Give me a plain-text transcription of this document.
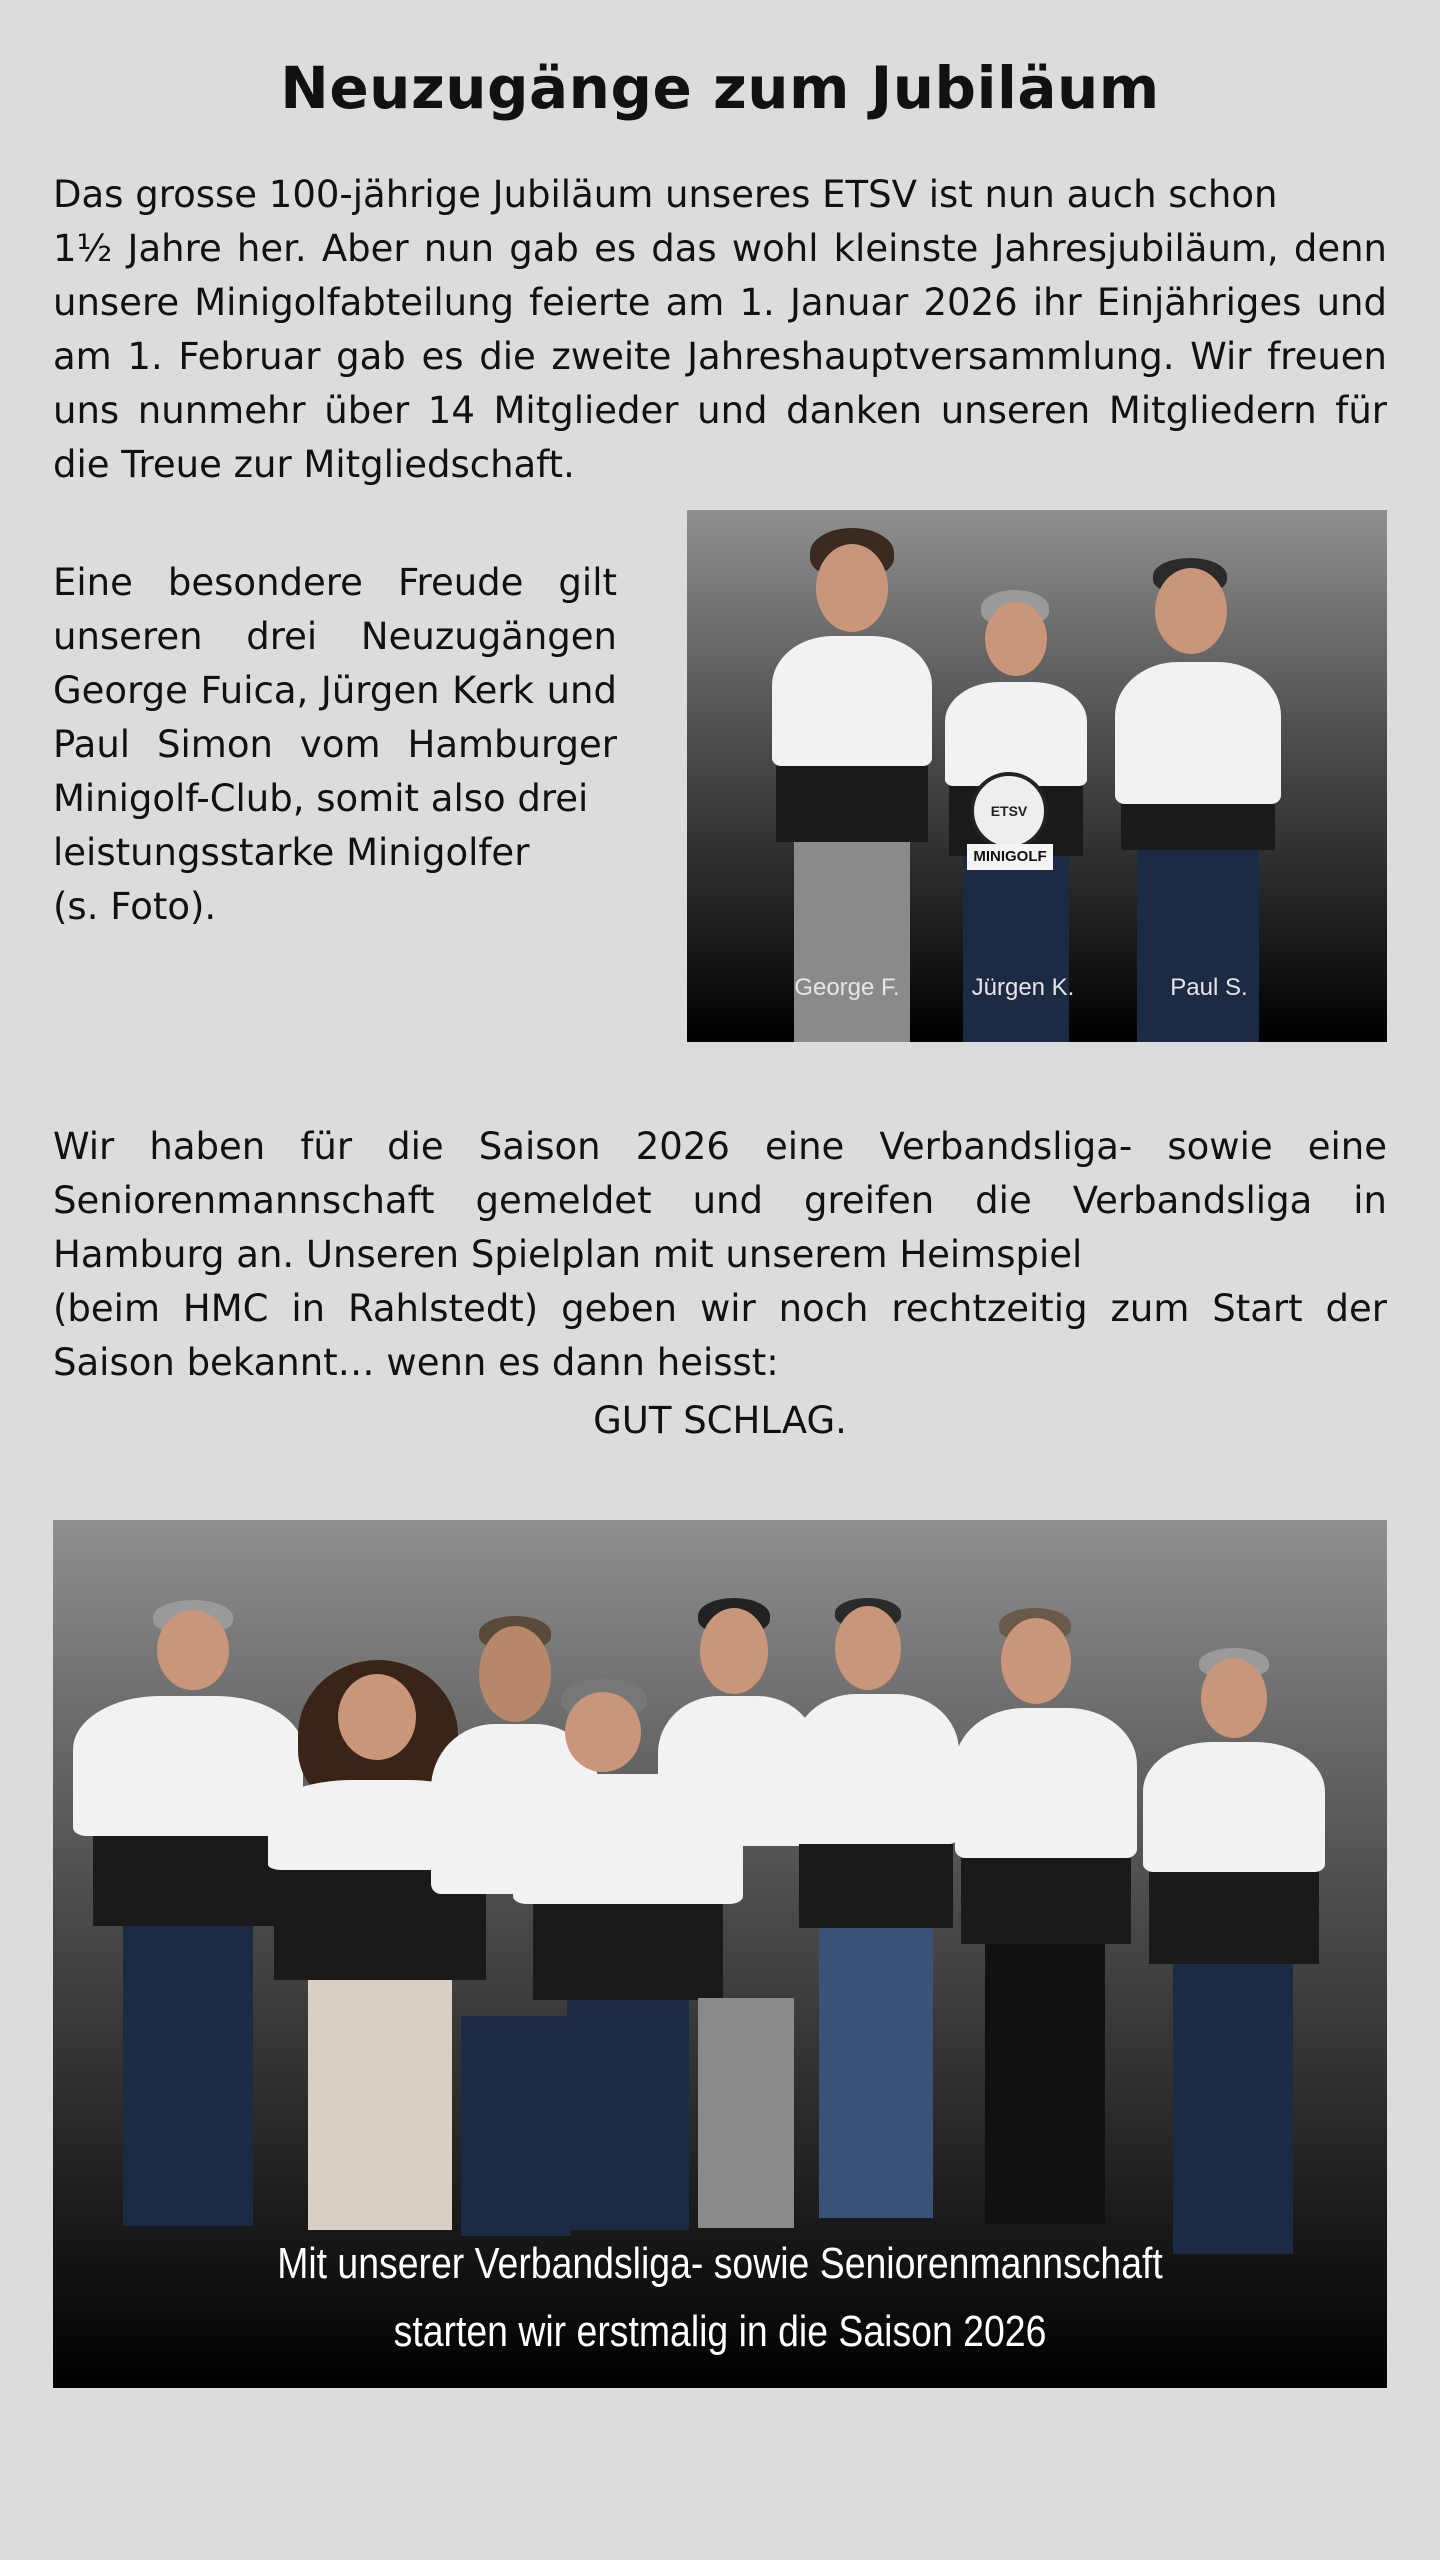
Neuzugänge zum Jubiläum

Das grosse 100-jährige Jubiläum unseres ETSV ist nun auch schon
1½ Jahre her. Aber nun gab es das wohl kleinste Jahresjubiläum, denn unsere Minigolfabteilung feierte am 1. Januar 2026 ihr Einjähriges und am 1. Februar gab es die zweite Jahreshauptversammlung. Wir freuen uns nunmehr über 14 Mitglieder und danken unseren Mitgliedern für die Treue zur Mitgliedschaft.

Eine besondere Freude gilt unseren drei Neuzugängen George Fuica, Jürgen Kerk und Paul Simon vom Hamburger Minigolf-Club, somit also drei
leistungsstarke Minigolfer
(s. Foto).

ETSV
MINIGOLF
George F.	Jürgen K.	Paul S.

Wir haben für die Saison 2026 eine Verbandsliga- sowie eine Seniorenmannschaft gemeldet und greifen die Verbandsliga in Hamburg an. Unseren Spielplan mit unserem Heimspiel
(beim HMC in Rahlstedt) geben wir noch rechtzeitig zum Start der Saison bekannt… wenn es dann heisst:

GUT SCHLAG.
Mit unserer Verbandsliga- sowie Seniorenmannschaft
starten wir erstmalig in die Saison 2026
